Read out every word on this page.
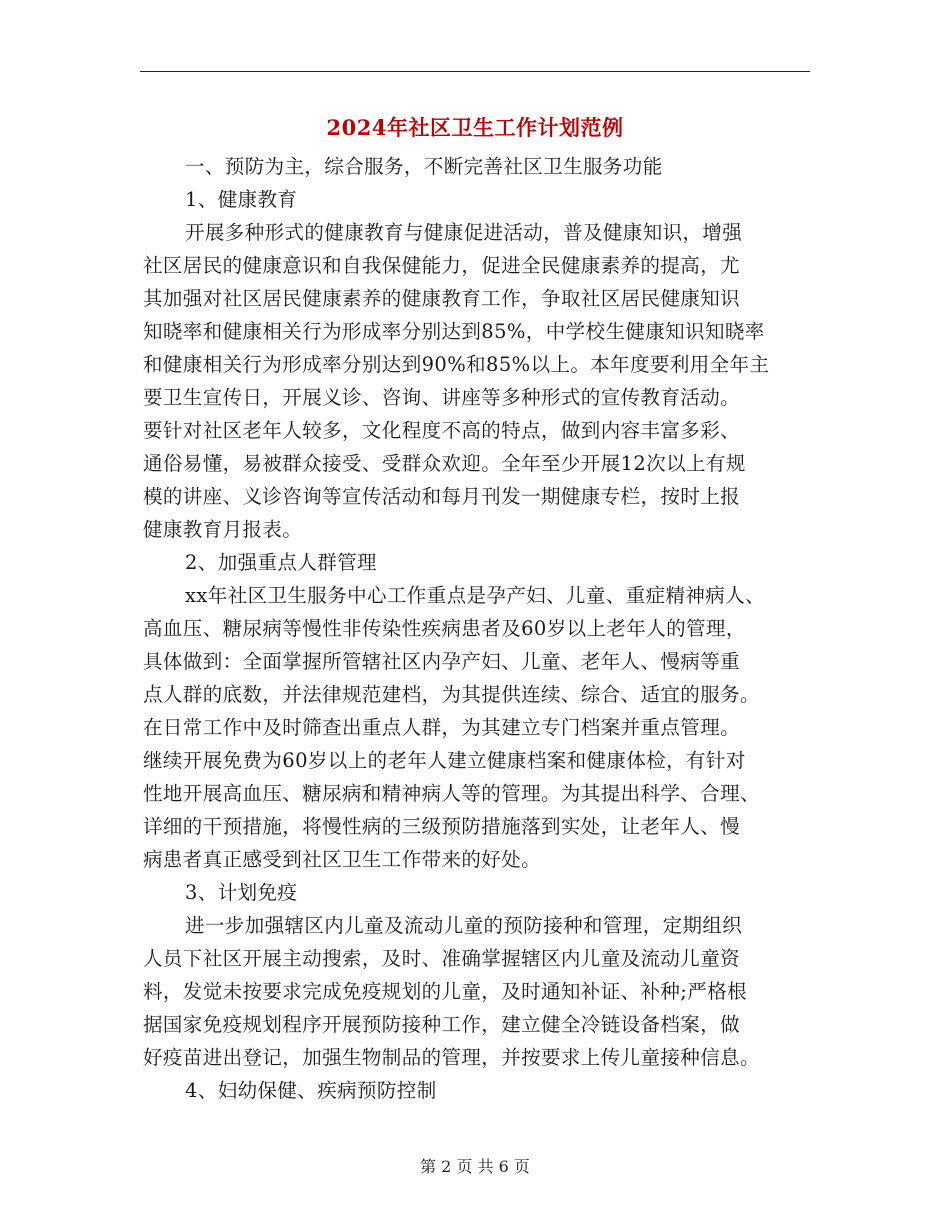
2024年社区卫生工作计划范例
一、预防为主，综合服务，不断完善社区卫生服务功能
1、健康教育
开展多种形式的健康教育与健康促进活动，普及健康知识，增强
社区居民的健康意识和自我保健能力，促进全民健康素养的提高，尤
其加强对社区居民健康素养的健康教育工作，争取社区居民健康知识
知晓率和健康相关行为形成率分别达到85%，中学校生健康知识知晓率
和健康相关行为形成率分别达到90%和85%以上。本年度要利用全年主
要卫生宣传日，开展义诊、咨询、讲座等多种形式的宣传教育活动。
要针对社区老年人较多，文化程度不高的特点，做到内容丰富多彩、
通俗易懂，易被群众接受、受群众欢迎。全年至少开展12次以上有规
模的讲座、义诊咨询等宣传活动和每月刊发一期健康专栏，按时上报
健康教育月报表。
2、加强重点人群管理
xx年社区卫生服务中心工作重点是孕产妇、儿童、重症精神病人、
高血压、糖尿病等慢性非传染性疾病患者及60岁以上老年人的管理，
具体做到：全面掌握所管辖社区内孕产妇、儿童、老年人、慢病等重
点人群的底数，并法律规范建档，为其提供连续、综合、适宜的服务。
在日常工作中及时筛查出重点人群，为其建立专门档案并重点管理。
继续开展免费为60岁以上的老年人建立健康档案和健康体检，有针对
性地开展高血压、糖尿病和精神病人等的管理。为其提出科学、合理、
详细的干预措施，将慢性病的三级预防措施落到实处，让老年人、慢
病患者真正感受到社区卫生工作带来的好处。
3、计划免疫
进一步加强辖区内儿童及流动儿童的预防接种和管理，定期组织
人员下社区开展主动搜索，及时、准确掌握辖区内儿童及流动儿童资
料，发觉未按要求完成免疫规划的儿童，及时通知补证、补种;严格根
据国家免疫规划程序开展预防接种工作，建立健全冷链设备档案，做
好疫苗进出登记，加强生物制品的管理，并按要求上传儿童接种信息。
4、妇幼保健、疾病预防控制
第 2 页 共 6 页
